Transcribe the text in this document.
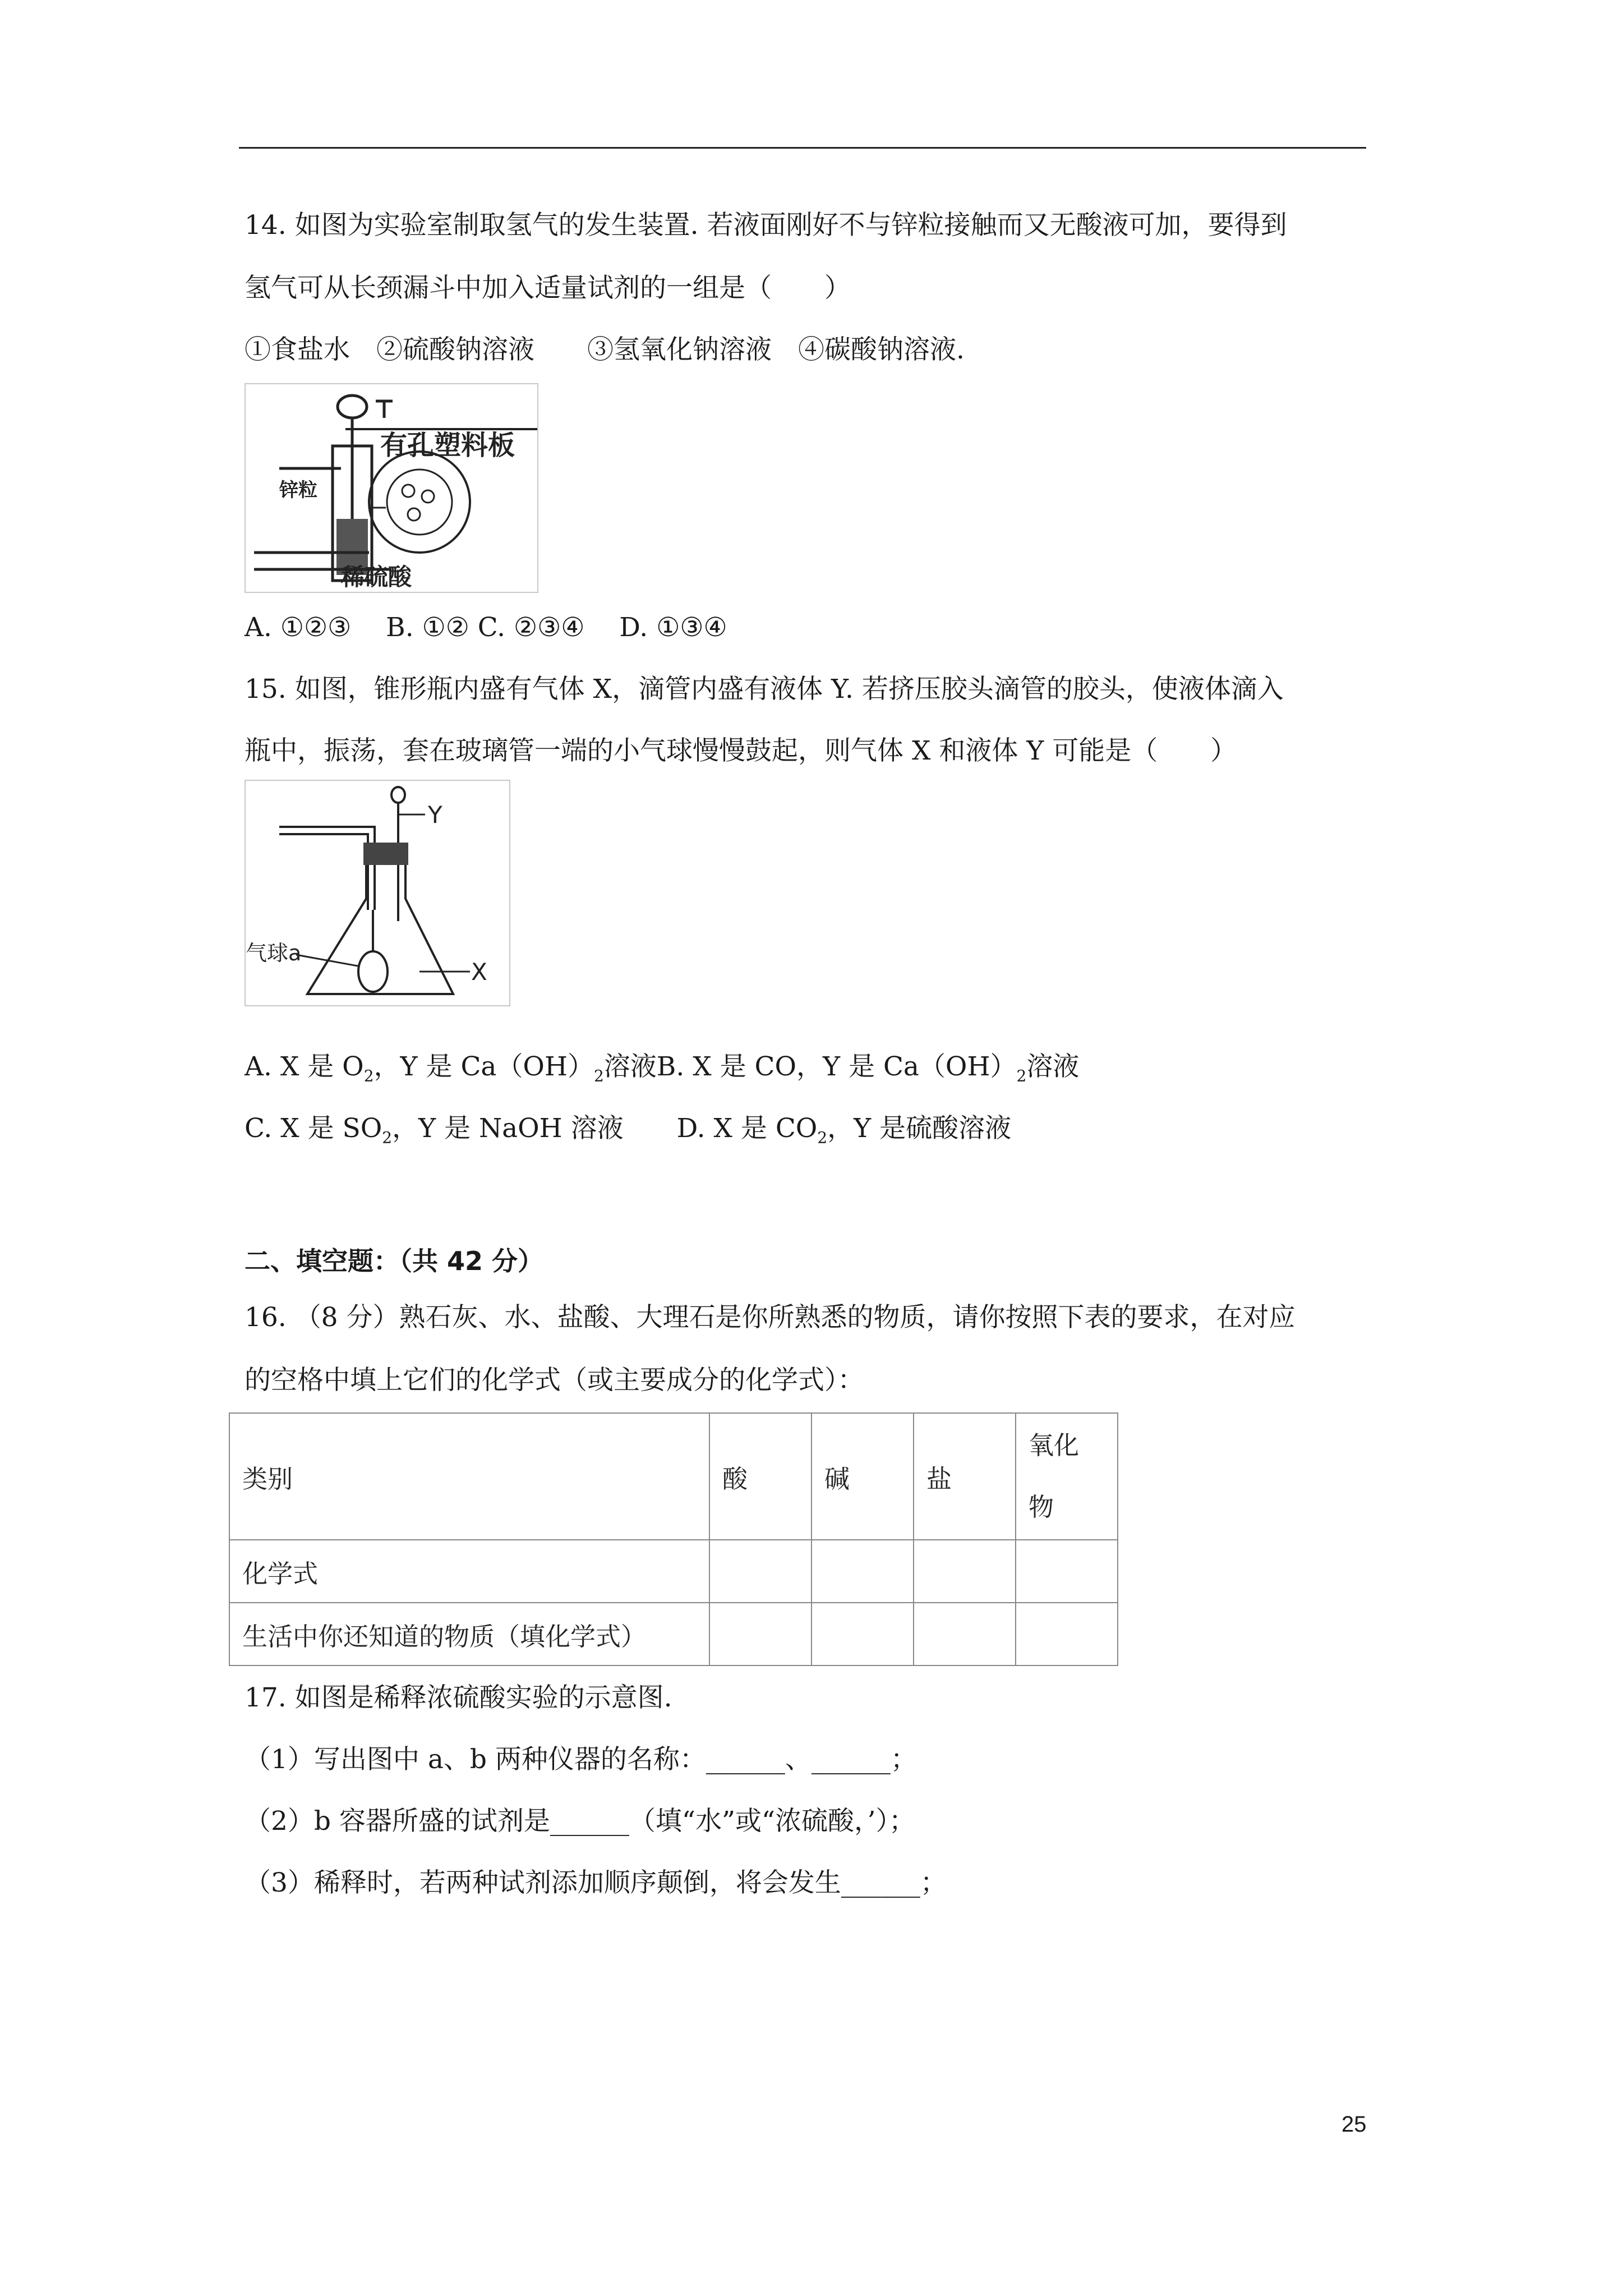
14. 如图为实验室制取氢气的发生装置. 若液面刚好不与锌粒接触而又无酸液可加，要得到
氢气可从长颈漏斗中加入适量试剂的一组是（　　）
①食盐水　②硫酸钠溶液　　③氢氧化钠溶液　④碳酸钠溶液.
有孔塑料板
锌粒
稀硫酸
A. ①②③　 B. ①② C. ②③④　 D. ①③④
15. 如图，锥形瓶内盛有气体 X，滴管内盛有液体 Y. 若挤压胶头滴管的胶头，使液体滴入
瓶中，振荡，套在玻璃管一端的小气球慢慢鼓起，则气体 X 和液体 Y 可能是（　　）
Y
X
气球a
A. X 是 $O_2$，Y 是 $Ca(OH)_2$溶液B. X 是 CO，Y 是 $Ca(OH)_2$溶液
C. X 是 $SO_2$，Y 是 NaOH 溶液 D. X 是 $CO_2$，Y 是硫酸溶液
二、填空题：（共 42 分）
16. （8 分）熟石灰、水、盐酸、大理石是你所熟悉的物质，请你按照下表的要求，在对应
的空格中填上它们的化学式（或主要成分的化学式）：
类别	酸	碱	盐	氧化
物
化学式				
生活中你还知道的物质（填化学式）				
17. 如图是稀释浓硫酸实验的示意图.
（1）写出图中 a、b 两种仪器的名称：______、______；
（2）b 容器所盛的试剂是______（填“水”或“浓硫酸，’）；
（3）稀释时，若两种试剂添加顺序颠倒，将会发生______；
25
